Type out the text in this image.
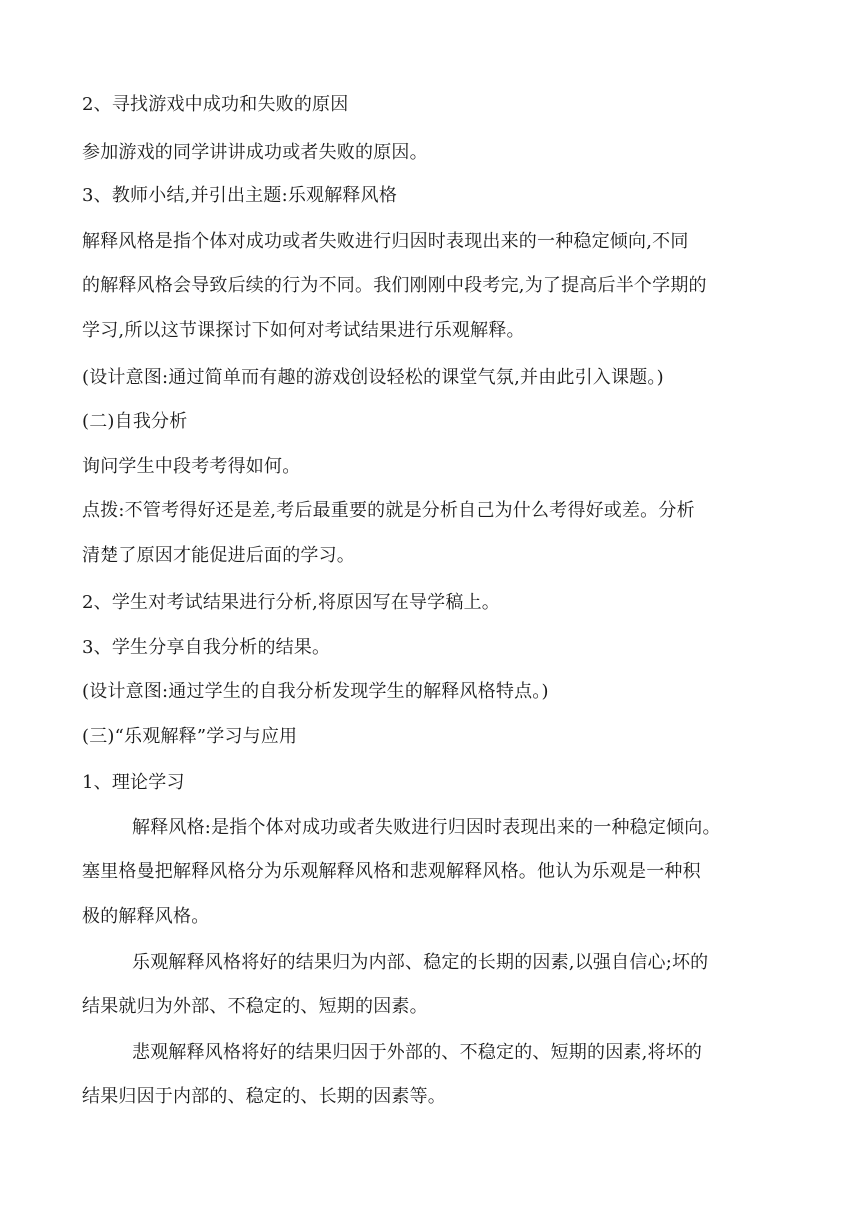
2、寻找游戏中成功和失败的原因
参加游戏的同学讲讲成功或者失败的原因。
3、教师小结,并引出主题:乐观解释风格
解释风格是指个体对成功或者失败进行归因时表现出来的一种稳定倾向,不同
的解释风格会导致后续的行为不同。我们刚刚中段考完,为了提高后半个学期的
学习,所以这节课探讨下如何对考试结果进行乐观解释。
(设计意图:通过简单而有趣的游戏创设轻松的课堂气氛,并由此引入课题。)
(二)自我分析
询问学生中段考考得如何。
点拨:不管考得好还是差,考后最重要的就是分析自己为什么考得好或差。分析
清楚了原因才能促进后面的学习。
2、学生对考试结果进行分析,将原因写在导学稿上。
3、学生分享自我分析的结果。
(设计意图:通过学生的自我分析发现学生的解释风格特点。)
(三)“乐观解释”学习与应用
1、理论学习
解释风格:是指个体对成功或者失败进行归因时表现出来的一种稳定倾向。
塞里格曼把解释风格分为乐观解释风格和悲观解释风格。他认为乐观是一种积
极的解释风格。
乐观解释风格将好的结果归为内部、稳定的长期的因素,以强自信心;坏的
结果就归为外部、不稳定的、短期的因素。
悲观解释风格将好的结果归因于外部的、不稳定的、短期的因素,将坏的
结果归因于内部的、稳定的、长期的因素等。
